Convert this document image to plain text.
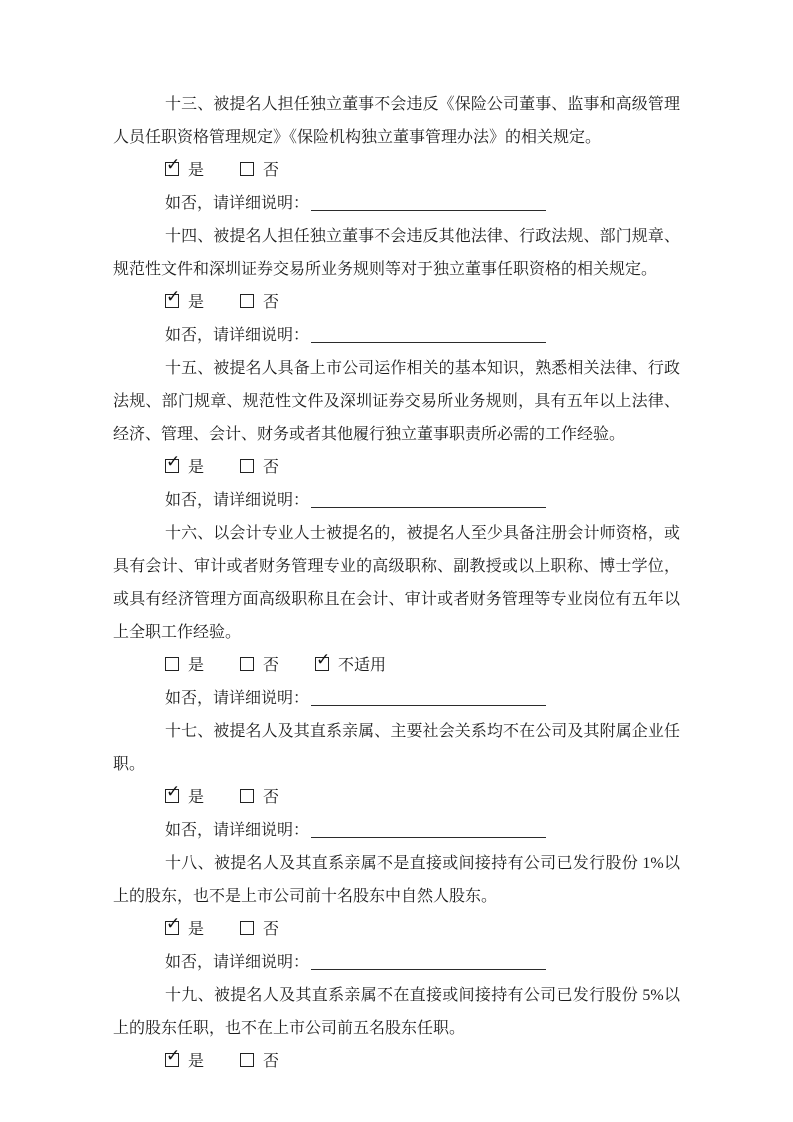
十三、被提名人担任独立董事不会违反《保险公司董事、监事和高级管理人员任职资格管理规定》《保险机构独立董事管理办法》的相关规定。

✓是	否
如否，请详细说明：

十四、被提名人担任独立董事不会违反其他法律、行政法规、部门规章、规范性文件和深圳证券交易所业务规则等对于独立董事任职资格的相关规定。

✓是	否
如否，请详细说明：

十五、被提名人具备上市公司运作相关的基本知识，熟悉相关法律、行政法规、部门规章、规范性文件及深圳证券交易所业务规则，具有五年以上法律、经济、管理、会计、财务或者其他履行独立董事职责所必需的工作经验。

✓是	否
如否，请详细说明：

十六、以会计专业人士被提名的，被提名人至少具备注册会计师资格，或具有会计、审计或者财务管理专业的高级职称、副教授或以上职称、博士学位，或具有经济管理方面高级职称且在会计、审计或者财务管理等专业岗位有五年以上全职工作经验。

是	否 ✓	不适用
如否，请详细说明：

十七、被提名人及其直系亲属、主要社会关系均不在公司及其附属企业任职。

✓是	否
如否，请详细说明：

十八、被提名人及其直系亲属不是直接或间接持有公司已发行股份 1%以上的股东，也不是上市公司前十名股东中自然人股东。

✓是	否
如否，请详细说明：

十九、被提名人及其直系亲属不在直接或间接持有公司已发行股份 5%以上的股东任职，也不在上市公司前五名股东任职。

✓是	否
